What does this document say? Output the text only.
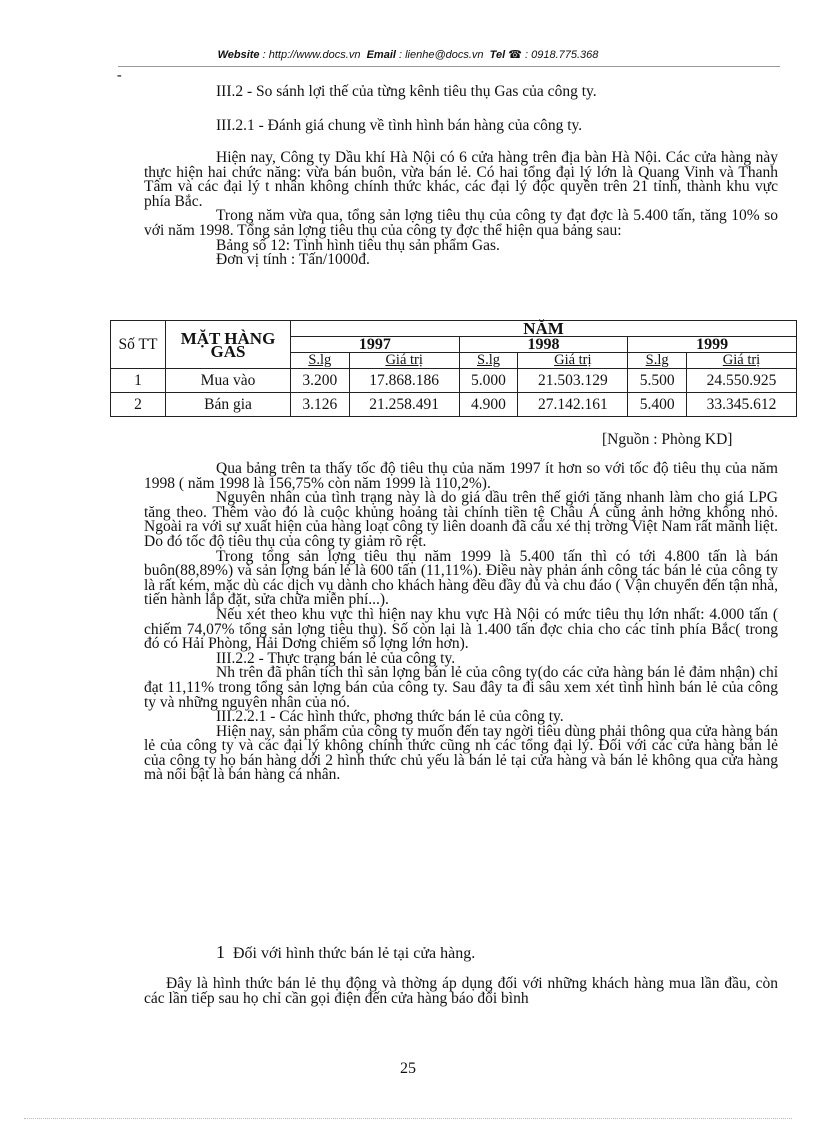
Website : http://www.docs.vn Email : lienhe@docs.vn Tel ☎ : 0918.775.368
-
III.2 - So sánh lợi thế của từng kênh tiêu thụ Gas của công ty.
III.2.1 - Đánh giá chung về tình hình bán hàng của công ty.

Hiện nay, Công ty Dầu khí Hà Nội có 6 cửa hàng trên địa bàn Hà Nội. Các cửa hàng này thực hiện hai chức năng: vừa bán buôn, vừa bán lẻ. Có hai tổng đại lý lớn là Quang Vinh và Thanh Tâm và các đại lý t nhân không chính thức khác, các đại lý độc quyền trên 21 tỉnh, thành khu vực phía Bắc.

Trong năm vừa qua, tổng sản lợng tiêu thụ của công ty đạt đợc là 5.400 tấn, tăng 10% so với năm 1998. Tổng sản lợng tiêu thụ của công ty đợc thể hiện qua bảng sau:

Bảng số 12: Tình hình tiêu thụ sản phẩm Gas.

Đơn vị tính : Tấn/1000đ.

Số TT	MẶT HÀNG GAS	NĂM					
		1997		1998		1999	
		S.lg	Giá trị	S.lg	Giá trị	S.lg	Giá trị
1	Mua vào	3.200	17.868.186	5.000	21.503.129	5.500	24.550.925
2	Bán gia	3.126	21.258.491	4.900	27.142.161	5.400	33.345.612
[Nguồn : Phòng KD]

Qua bảng trên ta thấy tốc độ tiêu thụ của năm 1997 ít hơn so với tốc độ tiêu thụ của năm 1998 ( năm 1998 là 156,75% còn năm 1999 là 110,2%).

Nguyên nhân của tình trạng này là do giá dầu trên thế giới tăng nhanh làm cho giá LPG tăng theo. Thêm vào đó là cuộc khủng hoảng tài chính tiền tệ Châu Á cũng ảnh hởng không nhỏ. Ngoài ra với sự xuất hiện của hàng loạt công ty liên doanh đã cấu xé thị trờng Việt Nam rất mãnh liệt. Do đó tốc độ tiêu thụ của công ty giảm rõ rệt.

Trong tổng sản lợng tiêu thụ năm 1999 là 5.400 tấn thì có tới 4.800 tấn là bán buôn(88,89%) và sản lợng bán lẻ là 600 tấn (11,11%). Điều này phản ánh công tác bán lẻ của công ty là rất kém, mặc dù các dịch vụ dành cho khách hàng đều đầy đủ và chu đáo ( Vận chuyển đến tận nhà, tiến hành lắp đặt, sửa chữa miễn phí...).

Nếu xét theo khu vực thì hiện nay khu vực Hà Nội có mức tiêu thụ lớn nhất: 4.000 tấn ( chiếm 74,07% tổng sản lợng tiêu thụ). Số còn lại là 1.400 tấn đợc chia cho các tỉnh phía Bắc( trong đó có Hải Phòng, Hải Dơng chiếm số lợng lớn hơn).

III.2.2 - Thực trạng bán lẻ của công ty.

Nh trên đã phân tích thì sản lợng bán lẻ của công ty(do các cửa hàng bán lẻ đảm nhận) chỉ đạt 11,11% trong tổng sản lợng bán của công ty. Sau đây ta đi sâu xem xét tình hình bán lẻ của công ty và những nguyên nhân của nó.

III.2.2.1 - Các hình thức, phơng thức bán lẻ của công ty.

Hiện nay, sản phẩm của công ty muốn đến tay ngời tiêu dùng phải thông qua cửa hàng bán lẻ của công ty và các đại lý không chính thức cũng nh các tổng đại lý. Đối với các cửa hàng bán lẻ của công ty họ bán hàng dới 2 hình thức chủ yếu là bán lẻ tại cửa hàng và bán lẻ không qua cửa hàng mà nổi bật là bán hàng cá nhân.

1 Đối với hình thức bán lẻ tại cửa hàng.

Đây là hình thức bán lẻ thụ động và thờng áp dụng đối với những khách hàng mua lần đầu, còn các lần tiếp sau họ chỉ cần gọi điện đến cửa hàng báo đổi bình

25
